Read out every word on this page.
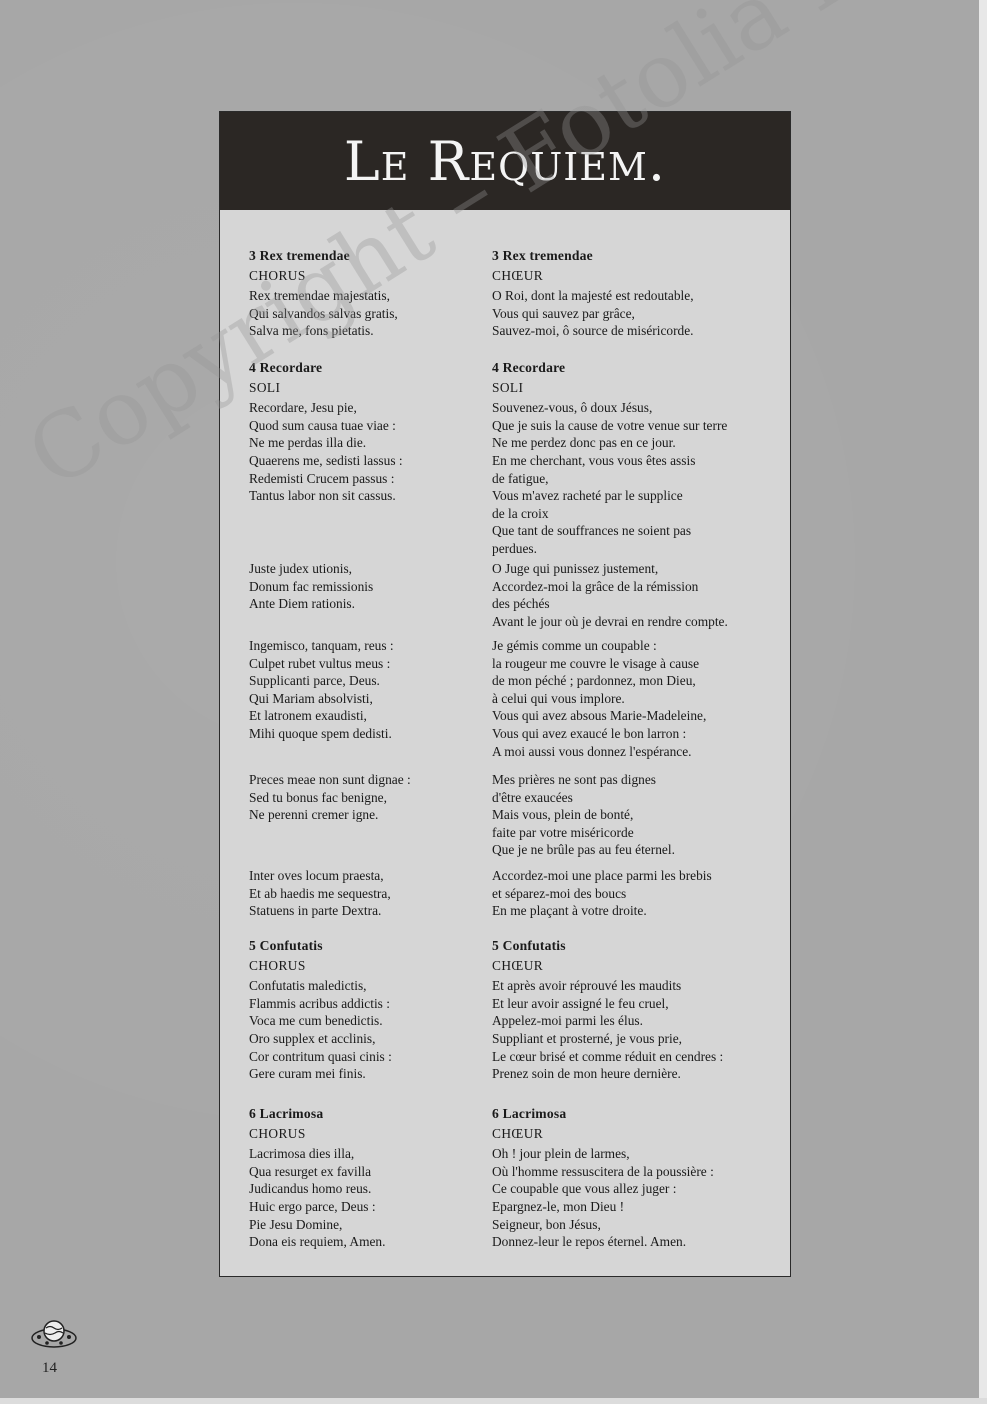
Le Requiem.
3 Rex tremendae
CHORUS
Rex tremendae majestatis,
Qui salvandos salvas gratis,
Salva me, fons pietatis.
4 Recordare
SOLI
Recordare, Jesu pie,
Quod sum causa tuae viae :
Ne me perdas illa die.
Quaerens me, sedisti lassus :
Redemisti Crucem passus :
Tantus labor non sit cassus.
Juste judex utionis,
Donum fac remissionis
Ante Diem rationis.
Ingemisco, tanquam, reus :
Culpet rubet vultus meus :
Supplicanti parce, Deus.
Qui Mariam absolvisti,
Et latronem exaudisti,
Mihi quoque spem dedisti.
Preces meae non sunt dignae :
Sed tu bonus fac benigne,
Ne perenni cremer igne.
Inter oves locum praesta,
Et ab haedis me sequestra,
Statuens in parte Dextra.
5 Confutatis
CHORUS
Confutatis maledictis,
Flammis acribus addictis :
Voca me cum benedictis.
Oro supplex et acclinis,
Cor contritum quasi cinis :
Gere curam mei finis.
6 Lacrimosa
CHORUS
Lacrimosa dies illa,
Qua resurget ex favilla
Judicandus homo reus.
Huic ergo parce, Deus :
Pie Jesu Domine,
Dona eis requiem, Amen.
3 Rex tremendae
CHŒUR
O Roi, dont la majesté est redoutable,
Vous qui sauvez par grâce,
Sauvez-moi, ô source de miséricorde.
4 Recordare
SOLI
Souvenez-vous, ô doux Jésus,
Que je suis la cause de votre venue sur terre
Ne me perdez donc pas en ce jour.
En me cherchant, vous vous êtes assis
de fatigue,
Vous m'avez racheté par le supplice
de la croix
Que tant de souffrances ne soient pas
perdues.
O Juge qui punissez justement,
Accordez-moi la grâce de la rémission
des péchés
Avant le jour où je devrai en rendre compte.
Je gémis comme un coupable :
la rougeur me couvre le visage à cause
de mon péché ; pardonnez, mon Dieu,
à celui qui vous implore.
Vous qui avez absous Marie-Madeleine,
Vous qui avez exaucé le bon larron :
A moi aussi vous donnez l'espérance.
Mes prières ne sont pas dignes
d'être exaucées
Mais vous, plein de bonté,
faite par votre miséricorde
Que je ne brûle pas au feu éternel.
Accordez-moi une place parmi les brebis
et séparez-moi des boucs
En me plaçant à votre droite.
5 Confutatis
CHŒUR
Et après avoir réprouvé les maudits
Et leur avoir assigné le feu cruel,
Appelez-moi parmi les élus.
Suppliant et prosterné, je vous prie,
Le cœur brisé et comme réduit en cendres :
Prenez soin de mon heure dernière.
6 Lacrimosa
CHŒUR
Oh ! jour plein de larmes,
Où l'homme ressuscitera de la poussière :
Ce coupable que vous allez juger :
Epargnez-le, mon Dieu !
Seigneur, bon Jésus,
Donnez-leur le repos éternel. Amen.
Copyright – Fotolia
14
